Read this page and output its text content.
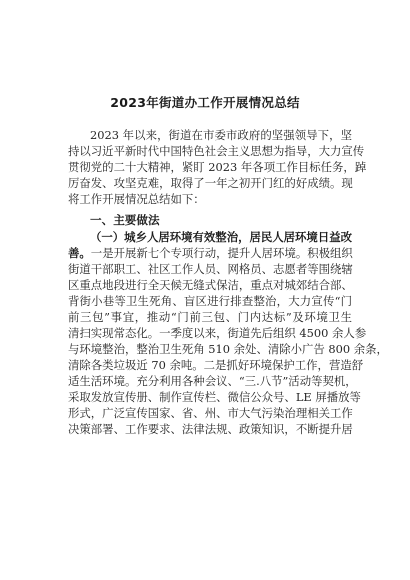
2023年街道办工作开展情况总结
2023 年以来，街道在市委市政府的坚强领导下，坚
持以习近平新时代中国特色社会主义思想为指导，大力宣传
贯彻党的二十大精神，紧盯 2023 年各项工作目标任务，踔
厉奋发、攻坚克难，取得了一年之初开门红的好成绩。现
将工作开展情况总结如下：
一、主要做法
（一）城乡人居环境有效整治，居民人居环境日益改
善。一是开展新七个专项行动，提升人居环境。积极组织
街道干部职工、社区工作人员、网格员、志愿者等围绕辖
区重点地段进行全天候无缝式保洁，重点对城郊结合部、
背街小巷等卫生死角、盲区进行排查整治，大力宣传“门
前三包”事宜，推动“门前三包、门内达标”及环境卫生
清扫实现常态化。一季度以来，街道先后组织 4500 余人参
与环境整治，整治卫生死角 510 余处、清除小广告 800 余条，
清除各类垃圾近 70 余吨。二是抓好环境保护工作，营造舒
适生活环境。充分利用各种会议、“三.八节”活动等契机，
采取发放宣传册、制作宣传栏、微信公众号、LE 屏播放等
形式，广泛宣传国家、省、州、市大气污染治理相关工作
决策部署、工作要求、法律法规、政策知识，不断提升居
